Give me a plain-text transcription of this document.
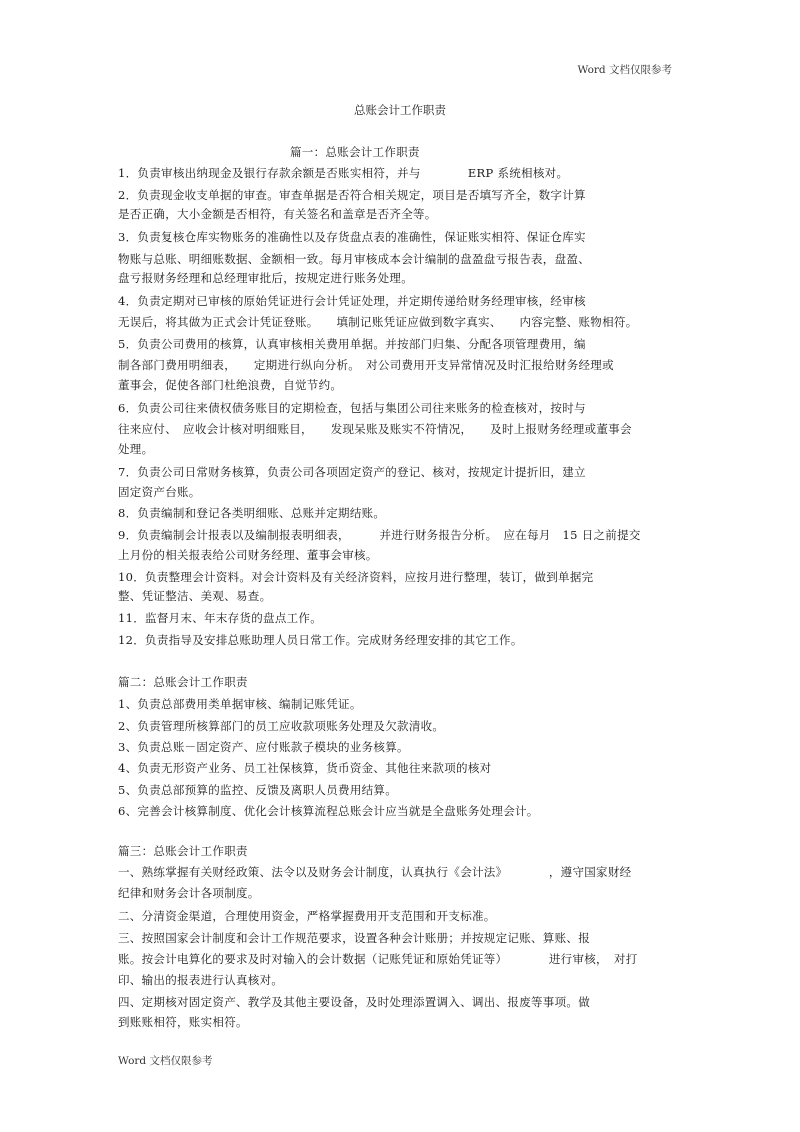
Word 文档仅限参考
总账会计工作职责
篇一：总账会计工作职责
1．负责审核出纳现金及银行存款余额是否账实相符，并与　　　　ERP 系统相核对。
2．负责现金收支单据的审查。审查单据是否符合相关规定，项目是否填写齐全，数字计算
是否正确，大小金额是否相符，有关签名和盖章是否齐全等。
3．负责复核仓库实物账务的准确性以及存货盘点表的准确性，保证账实相符、保证仓库实
物账与总账、明细账数据、金额相一致。每月审核成本会计编制的盘盈盘亏报告表，盘盈、
盘亏报财务经理和总经理审批后，按规定进行账务处理。
4．负责定期对已审核的原始凭证进行会计凭证处理，并定期传递给财务经理审核，经审核
无误后，将其做为正式会计凭证登账。　　填制记账凭证应做到数字真实、　　内容完整、账物相符。
5．负责公司费用的核算，认真审核相关费用单据。并按部门归集、分配各项管理费用，编
制各部门费用明细表，　　定期进行纵向分析。　对公司费用开支异常情况及时汇报给财务经理或
董事会，促使各部门杜绝浪费，自觉节约。
6．负责公司往来债权债务账目的定期检查，包括与集团公司往来账务的检查核对，按时与
往来应付、　应收会计核对明细账目，　　发现呆账及账实不符情况，　　及时上报财务经理或董事会
处理。
7．负责公司日常财务核算，负责公司各项固定资产的登记、核对，按规定计提折旧，建立
固定资产台账。
8．负责编制和登记各类明细账、总账并定期结账。
9．负责编制会计报表以及编制报表明细表，　　　并进行财务报告分析。　应在每月　15 日之前提交
上月份的相关报表给公司财务经理、董事会审核。
10．负责整理会计资料。对会计资料及有关经济资料，应按月进行整理，装订，做到单据完
整、凭证整洁、美观、易查。
11．监督月末、年末存货的盘点工作。
12．负责指导及安排总账助理人员日常工作。完成财务经理安排的其它工作。
篇二：总账会计工作职责
1、负责总部费用类单据审核、编制记账凭证。
2、负责管理所核算部门的员工应收款项账务处理及欠款清收。
3、负责总账－固定资产、应付账款子模块的业务核算。
4、负责无形资产业务、员工社保核算，货币资金、其他往来款项的核对
5、负责总部预算的监控、反馈及离职人员费用结算。
6、完善会计核算制度、优化会计核算流程总账会计应当就是全盘账务处理会计。
篇三：总账会计工作职责
一、熟练掌握有关财经政策、法令以及财务会计制度，认真执行《会计法》　　　　，遵守国家财经
纪律和财务会计各项制度。
二、分清资金渠道，合理使用资金，严格掌握费用开支范围和开支标准。
三、按照国家会计制度和会计工作规范要求，设置各种会计账册；并按规定记账、算账、报
账。按会计电算化的要求及时对输入的会计数据（记账凭证和原始凭证等）　　　　进行审核，　对打
印、输出的报表进行认真核对。
四、定期核对固定资产、教学及其他主要设备，及时处理添置调入、调出、报废等事项。做
到账账相符，账实相符。
Word 文档仅限参考
